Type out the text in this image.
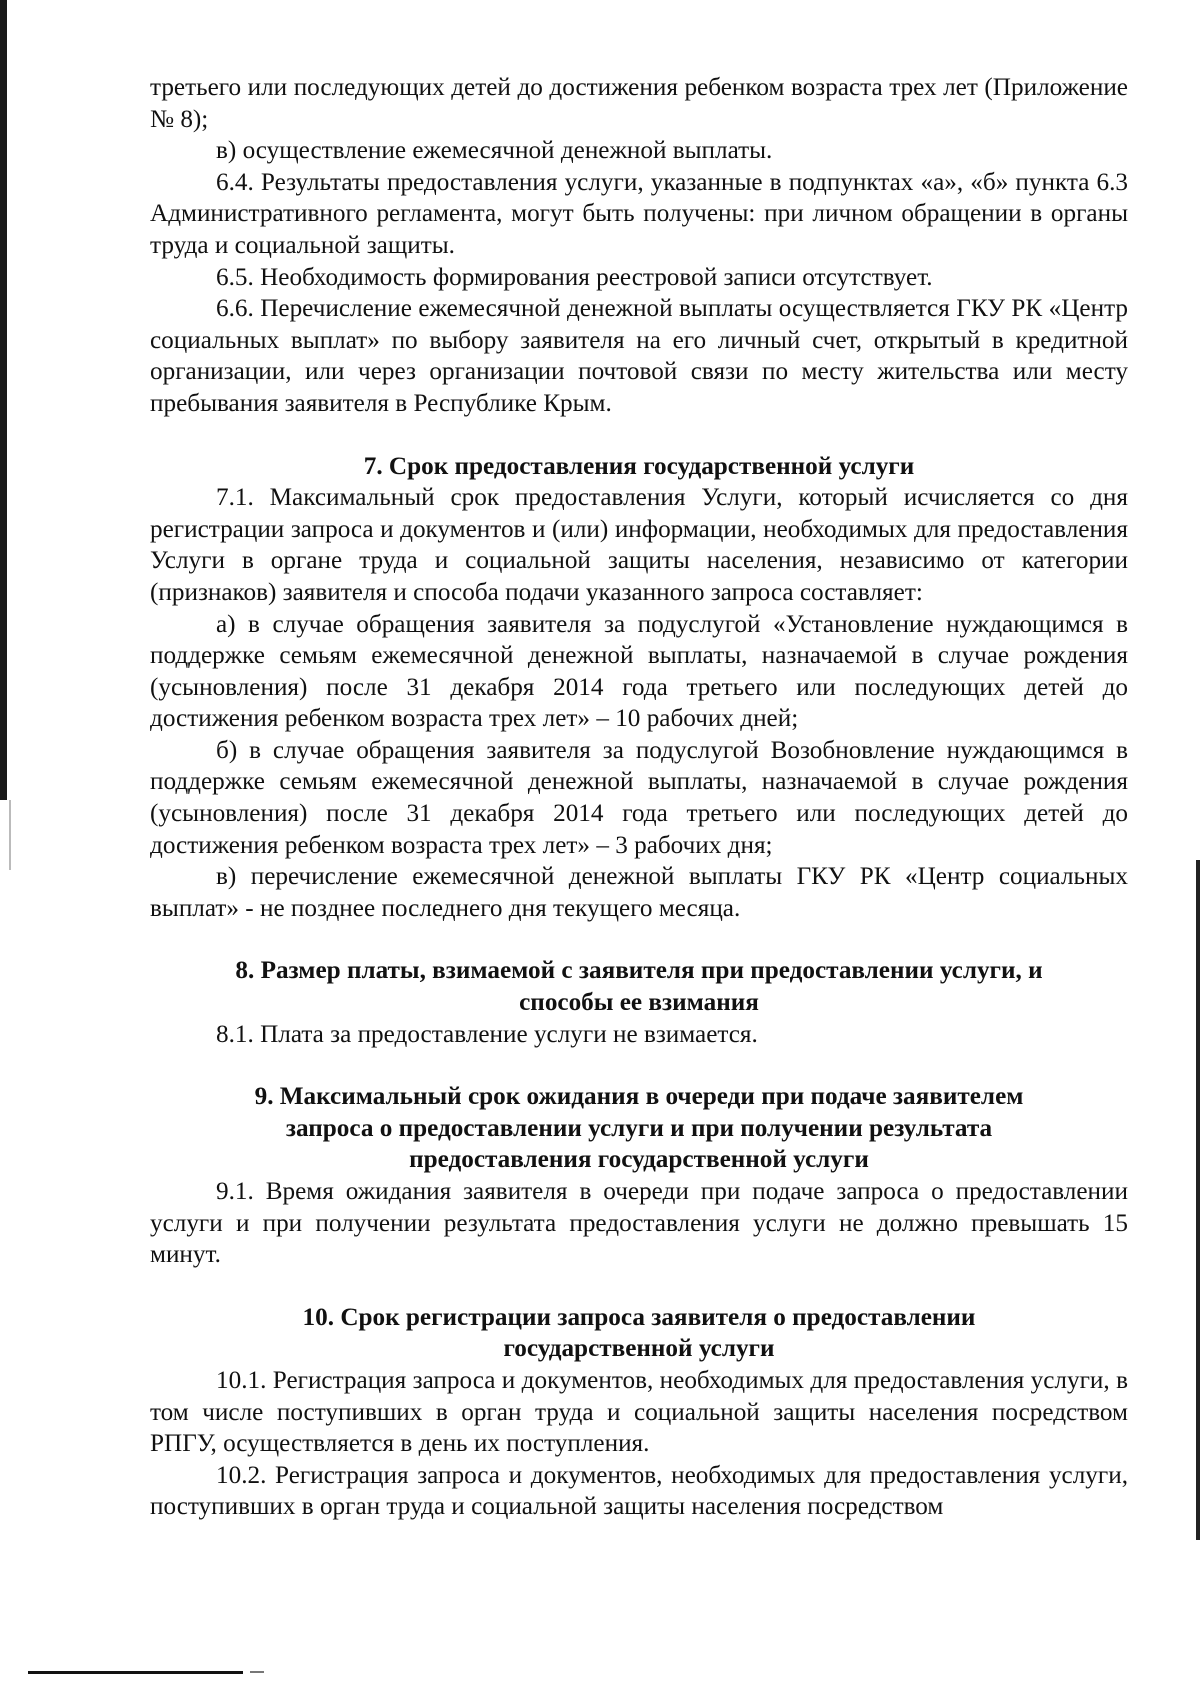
третьего или последующих детей до достижения ребенком возраста трех лет (Приложение № 8);

в) осуществление ежемесячной денежной выплаты.

6.4. Результаты предоставления услуги, указанные в подпунктах «а», «б» пункта 6.3 Административного регламента, могут быть получены: при личном обращении в органы труда и социальной защиты.

6.5. Необходимость формирования реестровой записи отсутствует.

6.6. Перечисление ежемесячной денежной выплаты осуществляется ГКУ РК «Центр социальных выплат» по выбору заявителя на его личный счет, открытый в кредитной организации, или через организации почтовой связи по месту жительства или месту пребывания заявителя в Республике Крым.

7. Срок предоставления государственной услуги

7.1. Максимальный срок предоставления Услуги, который исчисляется со дня регистрации запроса и документов и (или) информации, необходимых для предоставления Услуги в органе труда и социальной защиты населения, независимо от категории (признаков) заявителя и способа подачи указанного запроса составляет:

а) в случае обращения заявителя за подуслугой «Установление нуждающимся в поддержке семьям ежемесячной денежной выплаты, назначаемой в случае рождения (усыновления) после 31 декабря 2014 года третьего или последующих детей до достижения ребенком возраста трех лет» – 10 рабочих дней;

б) в случае обращения заявителя за подуслугой Возобновление нуждающимся в поддержке семьям ежемесячной денежной выплаты, назначаемой в случае рождения (усыновления) после 31 декабря 2014 года третьего или последующих детей до достижения ребенком возраста трех лет» – 3 рабочих дня;

в) перечисление ежемесячной денежной выплаты ГКУ РК «Центр социальных выплат» - не позднее последнего дня текущего месяца.

8. Размер платы, взимаемой с заявителя при предоставлении услуги, и способы ее взимания

8.1. Плата за предоставление услуги не взимается.

9. Максимальный срок ожидания в очереди при подаче заявителем запроса о предоставлении услуги и при получении результата предоставления государственной услуги

9.1. Время ожидания заявителя в очереди при подаче запроса о предоставлении услуги и при получении результата предоставления услуги не должно превышать 15 минут.

10. Срок регистрации запроса заявителя о предоставлении государственной услуги

10.1. Регистрация запроса и документов, необходимых для предоставления услуги, в том числе поступивших в орган труда и социальной защиты населения посредством РПГУ, осуществляется в день их поступления.

10.2. Регистрация запроса и документов, необходимых для предоставления услуги, поступивших в орган труда и социальной защиты населения посредством
